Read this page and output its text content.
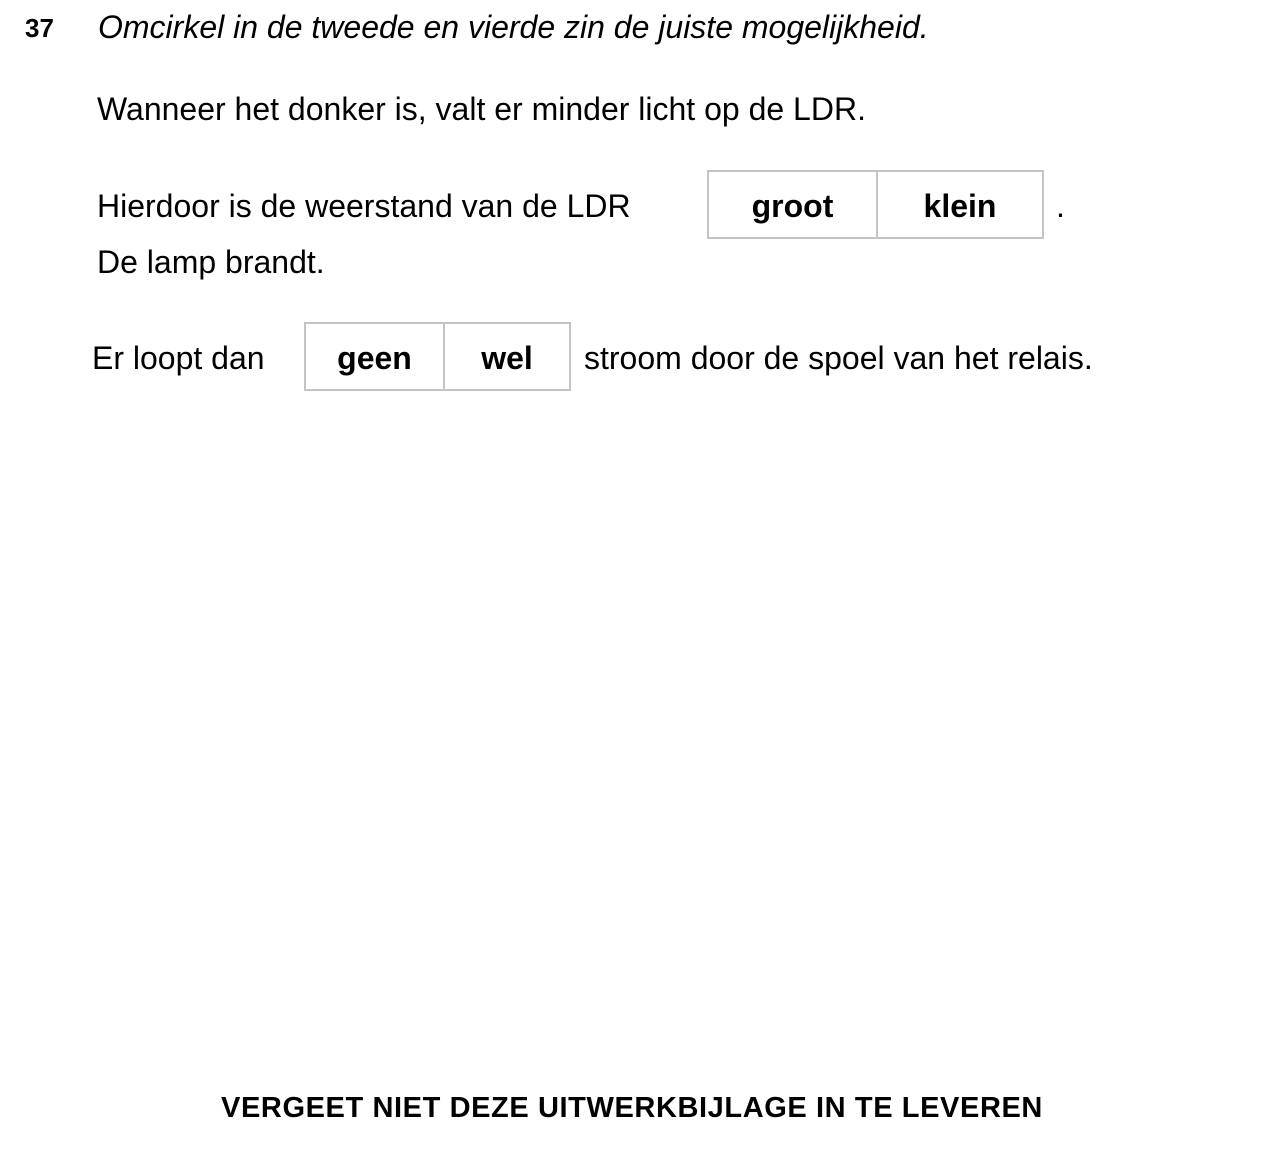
37 Omcirkel in de tweede en vierde zin de juiste mogelijkheid.
Wanneer het donker is, valt er minder licht op de LDR.
Hierdoor is de weerstand van de LDR	groot	klein	.
De lamp brandt.
Er loopt dan	geen	wel	stroom door de spoel van het relais.
VERGEET NIET DEZE UITWERKBIJLAGE IN TE LEVEREN
